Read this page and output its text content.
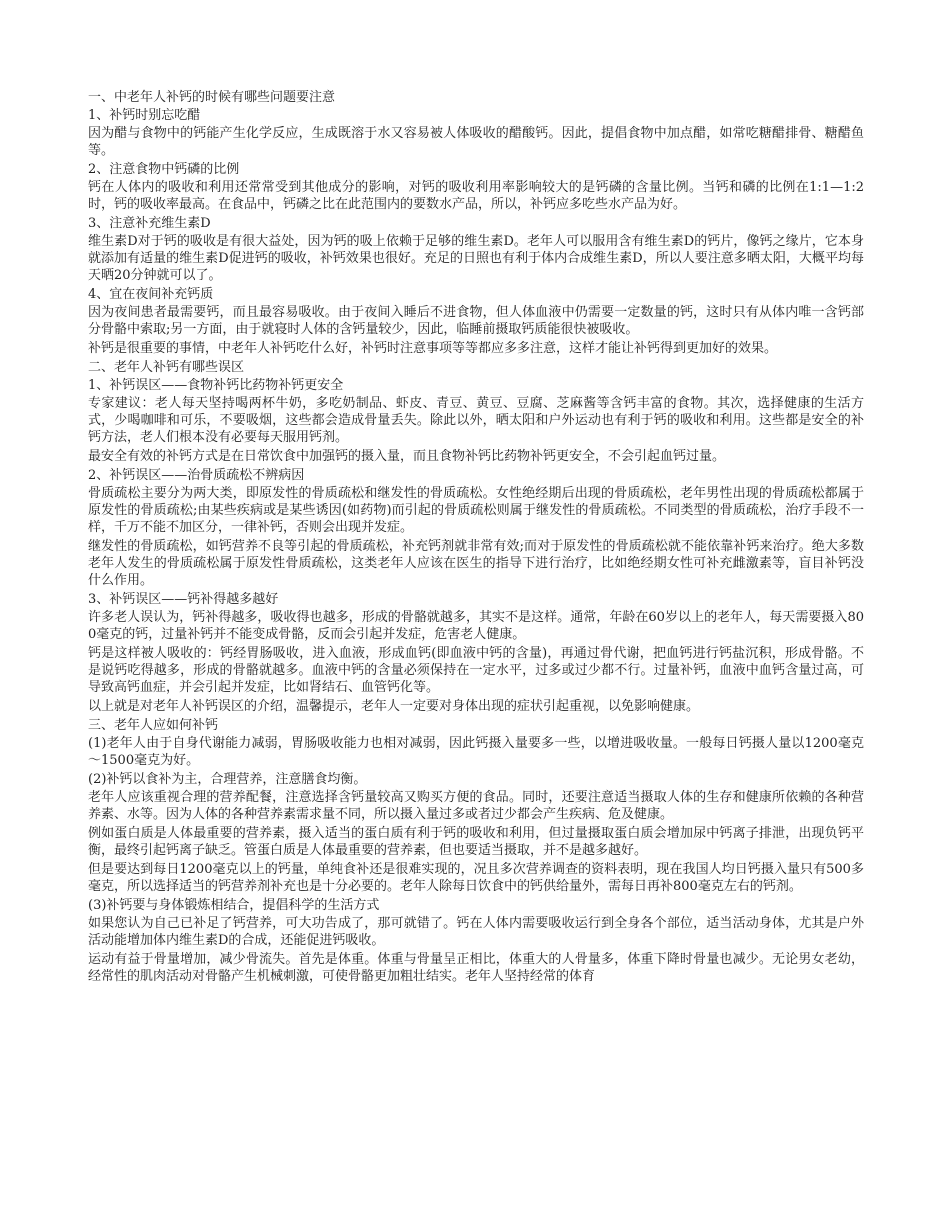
一、中老年人补钙的时候有哪些问题要注意

1、补钙时别忘吃醋

因为醋与食物中的钙能产生化学反应，生成既溶于水又容易被人体吸收的醋酸钙。因此，提倡食物中加点醋，如常吃糖醋排骨、糖醋鱼等。

2、注意食物中钙磷的比例

钙在人体内的吸收和利用还常常受到其他成分的影响，对钙的吸收利用率影响较大的是钙磷的含量比例。当钙和磷的比例在1:1—1:2时，钙的吸收率最高。在食品中，钙磷之比在此范围内的要数水产品，所以，补钙应多吃些水产品为好。

3、注意补充维生素D

维生素D对于钙的吸收是有很大益处，因为钙的吸上依赖于足够的维生素D。老年人可以服用含有维生素D的钙片，像钙之缘片，它本身就添加有适量的维生素D促进钙的吸收，补钙效果也很好。充足的日照也有利于体内合成维生素D，所以人要注意多晒太阳，大概平均每天晒20分钟就可以了。

4、宜在夜间补充钙质

因为夜间患者最需要钙，而且最容易吸收。由于夜间入睡后不进食物，但人体血液中仍需要一定数量的钙，这时只有从体内唯一含钙部分骨骼中索取;另一方面，由于就寝时人体的含钙量较少，因此，临睡前摄取钙质能很快被吸收。

补钙是很重要的事情，中老年人补钙吃什么好，补钙时注意事项等等都应多多注意，这样才能让补钙得到更加好的效果。

二、老年人补钙有哪些误区

1、补钙误区——食物补钙比药物补钙更安全

专家建议：老人每天坚持喝两杯牛奶，多吃奶制品、虾皮、青豆、黄豆、豆腐、芝麻酱等含钙丰富的食物。其次，选择健康的生活方式，少喝咖啡和可乐，不要吸烟，这些都会造成骨量丢失。除此以外，晒太阳和户外运动也有利于钙的吸收和利用。这些都是安全的补钙方法，老人们根本没有必要每天服用钙剂。

最安全有效的补钙方式是在日常饮食中加强钙的摄入量，而且食物补钙比药物补钙更安全，不会引起血钙过量。

2、补钙误区——治骨质疏松不辨病因

骨质疏松主要分为两大类，即原发性的骨质疏松和继发性的骨质疏松。女性绝经期后出现的骨质疏松，老年男性出现的骨质疏松都属于原发性的骨质疏松;由某些疾病或是某些诱因(如药物)而引起的骨质疏松则属于继发性的骨质疏松。不同类型的骨质疏松，治疗手段不一样，千万不能不加区分，一律补钙，否则会出现并发症。

继发性的骨质疏松，如钙营养不良等引起的骨质疏松，补充钙剂就非常有效;而对于原发性的骨质疏松就不能依靠补钙来治疗。绝大多数老年人发生的骨质疏松属于原发性骨质疏松，这类老年人应该在医生的指导下进行治疗，比如绝经期女性可补充雌激素等，盲目补钙没什么作用。

3、补钙误区——钙补得越多越好

许多老人误认为，钙补得越多，吸收得也越多，形成的骨骼就越多，其实不是这样。通常，年龄在60岁以上的老年人，每天需要摄入800毫克的钙，过量补钙并不能变成骨骼，反而会引起并发症，危害老人健康。

钙是这样被人吸收的：钙经胃肠吸收，进入血液，形成血钙(即血液中钙的含量)，再通过骨代谢，把血钙进行钙盐沉积，形成骨骼。不是说钙吃得越多，形成的骨骼就越多。血液中钙的含量必须保持在一定水平，过多或过少都不行。过量补钙，血液中血钙含量过高，可导致高钙血症，并会引起并发症，比如肾结石、血管钙化等。

以上就是对老年人补钙误区的介绍，温馨提示，老年人一定要对身体出现的症状引起重视，以免影响健康。

三、老年人应如何补钙

(1)老年人由于自身代谢能力减弱，胃肠吸收能力也相对减弱，因此钙摄入量要多一些，以增进吸收量。一般每日钙摄人量以1200毫克～1500毫克为好。

(2)补钙以食补为主，合理营养，注意膳食均衡。

老年人应该重视合理的营养配餐，注意选择含钙量较高又购买方便的食品。同时，还要注意适当摄取人体的生存和健康所依赖的各种营养素、水等。因为人体的各种营养素需求量不同，所以摄入量过多或者过少都会产生疾病、危及健康。

例如蛋白质是人体最重要的营养素，摄入适当的蛋白质有利于钙的吸收和利用，但过量摄取蛋白质会增加尿中钙离子排泄，出现负钙平衡，最终引起钙离子缺乏。管蛋白质是人体最重要的营养素，但也要适当摄取，并不是越多越好。

但是要达到每日1200毫克以上的钙量，单纯食补还是很难实现的，况且多次营养调查的资料表明，现在我国人均日钙摄入量只有500多毫克，所以选择适当的钙营养剂补充也是十分必要的。老年人除每日饮食中的钙供给量外，需每日再补800毫克左右的钙剂。

(3)补钙要与身体锻炼相结合，提倡科学的生活方式

如果您认为自己已补足了钙营养，可大功告成了，那可就错了。钙在人体内需要吸收运行到全身各个部位，适当活动身体，尤其是户外活动能增加体内维生素D的合成，还能促进钙吸收。

运动有益于骨量增加，减少骨流失。首先是体重。体重与骨量呈正相比，体重大的人骨量多，体重下降时骨量也减少。无论男女老幼，经常性的肌肉活动对骨骼产生机械刺激，可使骨骼更加粗壮结实。老年人坚持经常的体育
